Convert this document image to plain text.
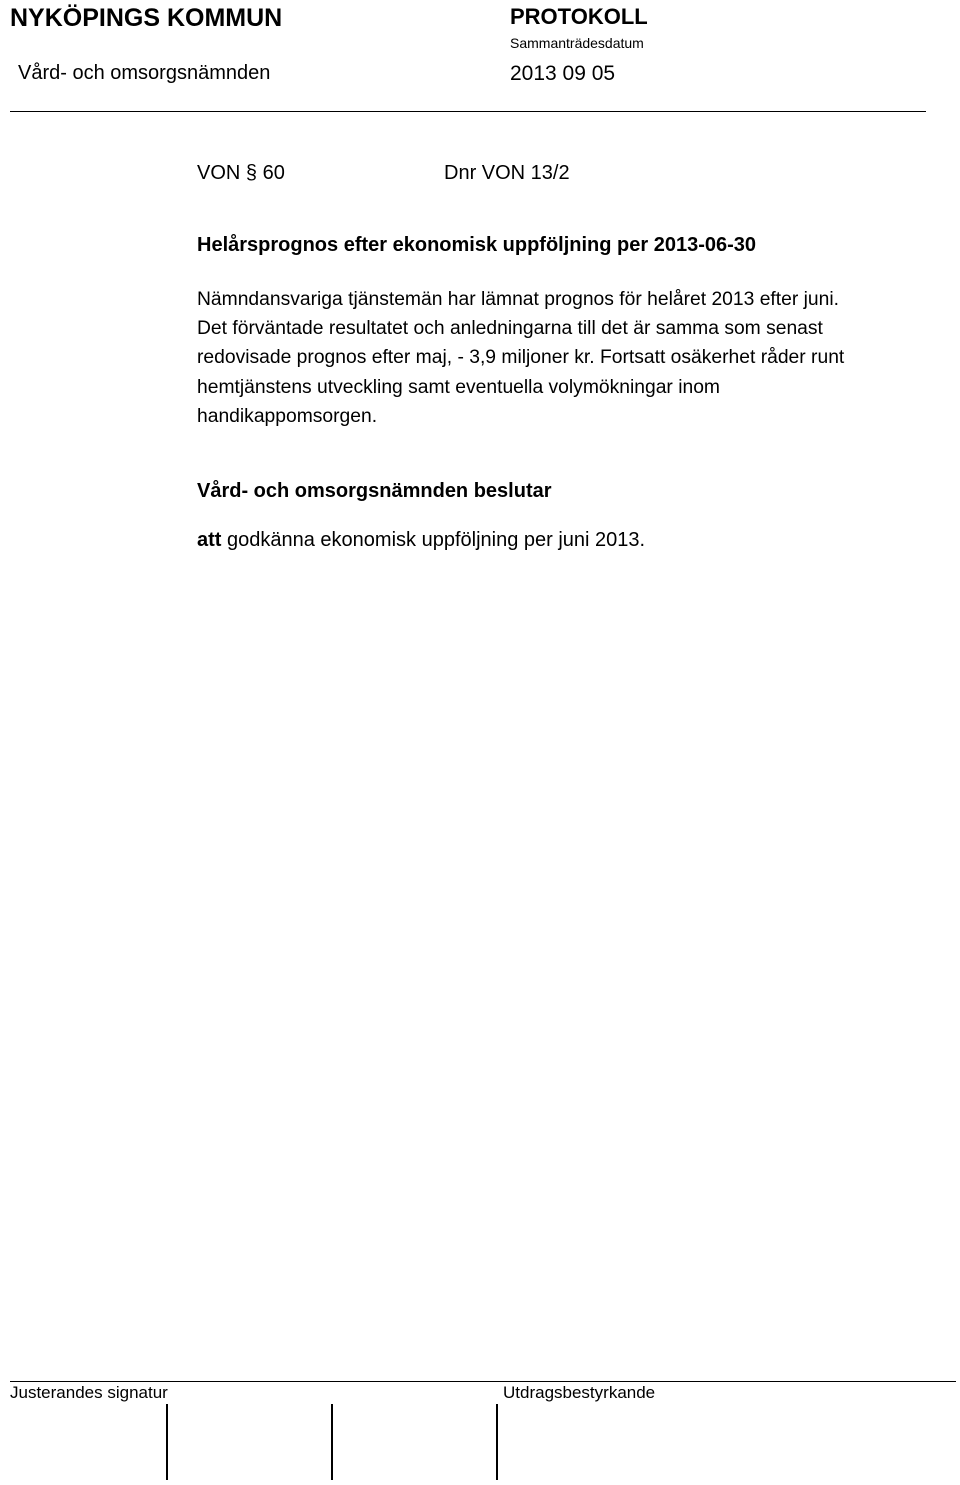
NYKÖPINGS KOMMUN
Vård- och omsorgsnämnden
PROTOKOLL
Sammanträdesdatum
2013 09 05
VON § 60	Dnr VON 13/2
Helårsprognos efter ekonomisk uppföljning per 2013-06-30
Nämndansvariga tjänstemän har lämnat prognos för helåret 2013 efter juni.
Det förväntade resultatet och anledningarna till det är samma som senast
redovisade prognos efter maj, - 3,9 miljoner kr. Fortsatt osäkerhet råder runt
hemtjänstens utveckling samt eventuella volymökningar inom
handikappomsorgen.
Vård- och omsorgsnämnden beslutar
att godkänna ekonomisk uppföljning per juni 2013.
Justerandes signatur	Utdragsbestyrkande
